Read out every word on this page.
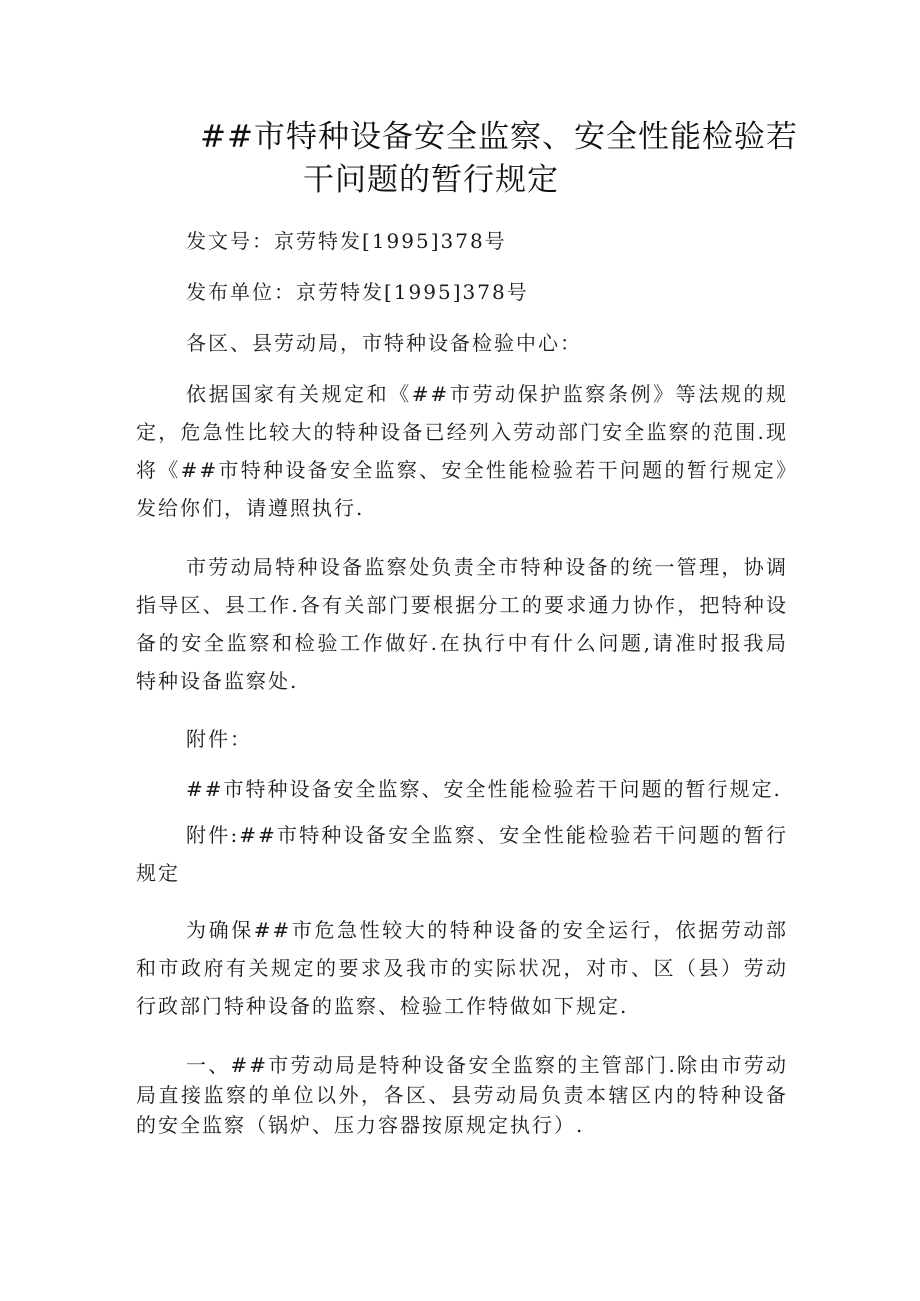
##市特种设备安全监察、安全性能检验若
干问题的暂行规定
发文号：京劳特发[1995]378号
发布单位：京劳特发[1995]378号
各区、县劳动局，市特种设备检验中心：
依据国家有关规定和《##市劳动保护监察条例》等法规的规定，危急性比较大的特种设备已经列入劳动部门安全监察的范围.现将《##市特种设备安全监察、安全性能检验若干问题的暂行规定》发给你们，请遵照执行.
市劳动局特种设备监察处负责全市特种设备的统一管理，协调指导区、县工作.各有关部门要根据分工的要求通力协作，把特种设备的安全监察和检验工作做好.在执行中有什么问题,请准时报我局特种设备监察处.
附件：
##市特种设备安全监察、安全性能检验若干问题的暂行规定.
附件:##市特种设备安全监察、安全性能检验若干问题的暂行规定
为确保##市危急性较大的特种设备的安全运行，依据劳动部和市政府有关规定的要求及我市的实际状况，对市、区（县）劳动行政部门特种设备的监察、检验工作特做如下规定.
一、##市劳动局是特种设备安全监察的主管部门.除由市劳动局直接监察的单位以外，各区、县劳动局负责本辖区内的特种设备的安全监察（锅炉、压力容器按原规定执行）.
